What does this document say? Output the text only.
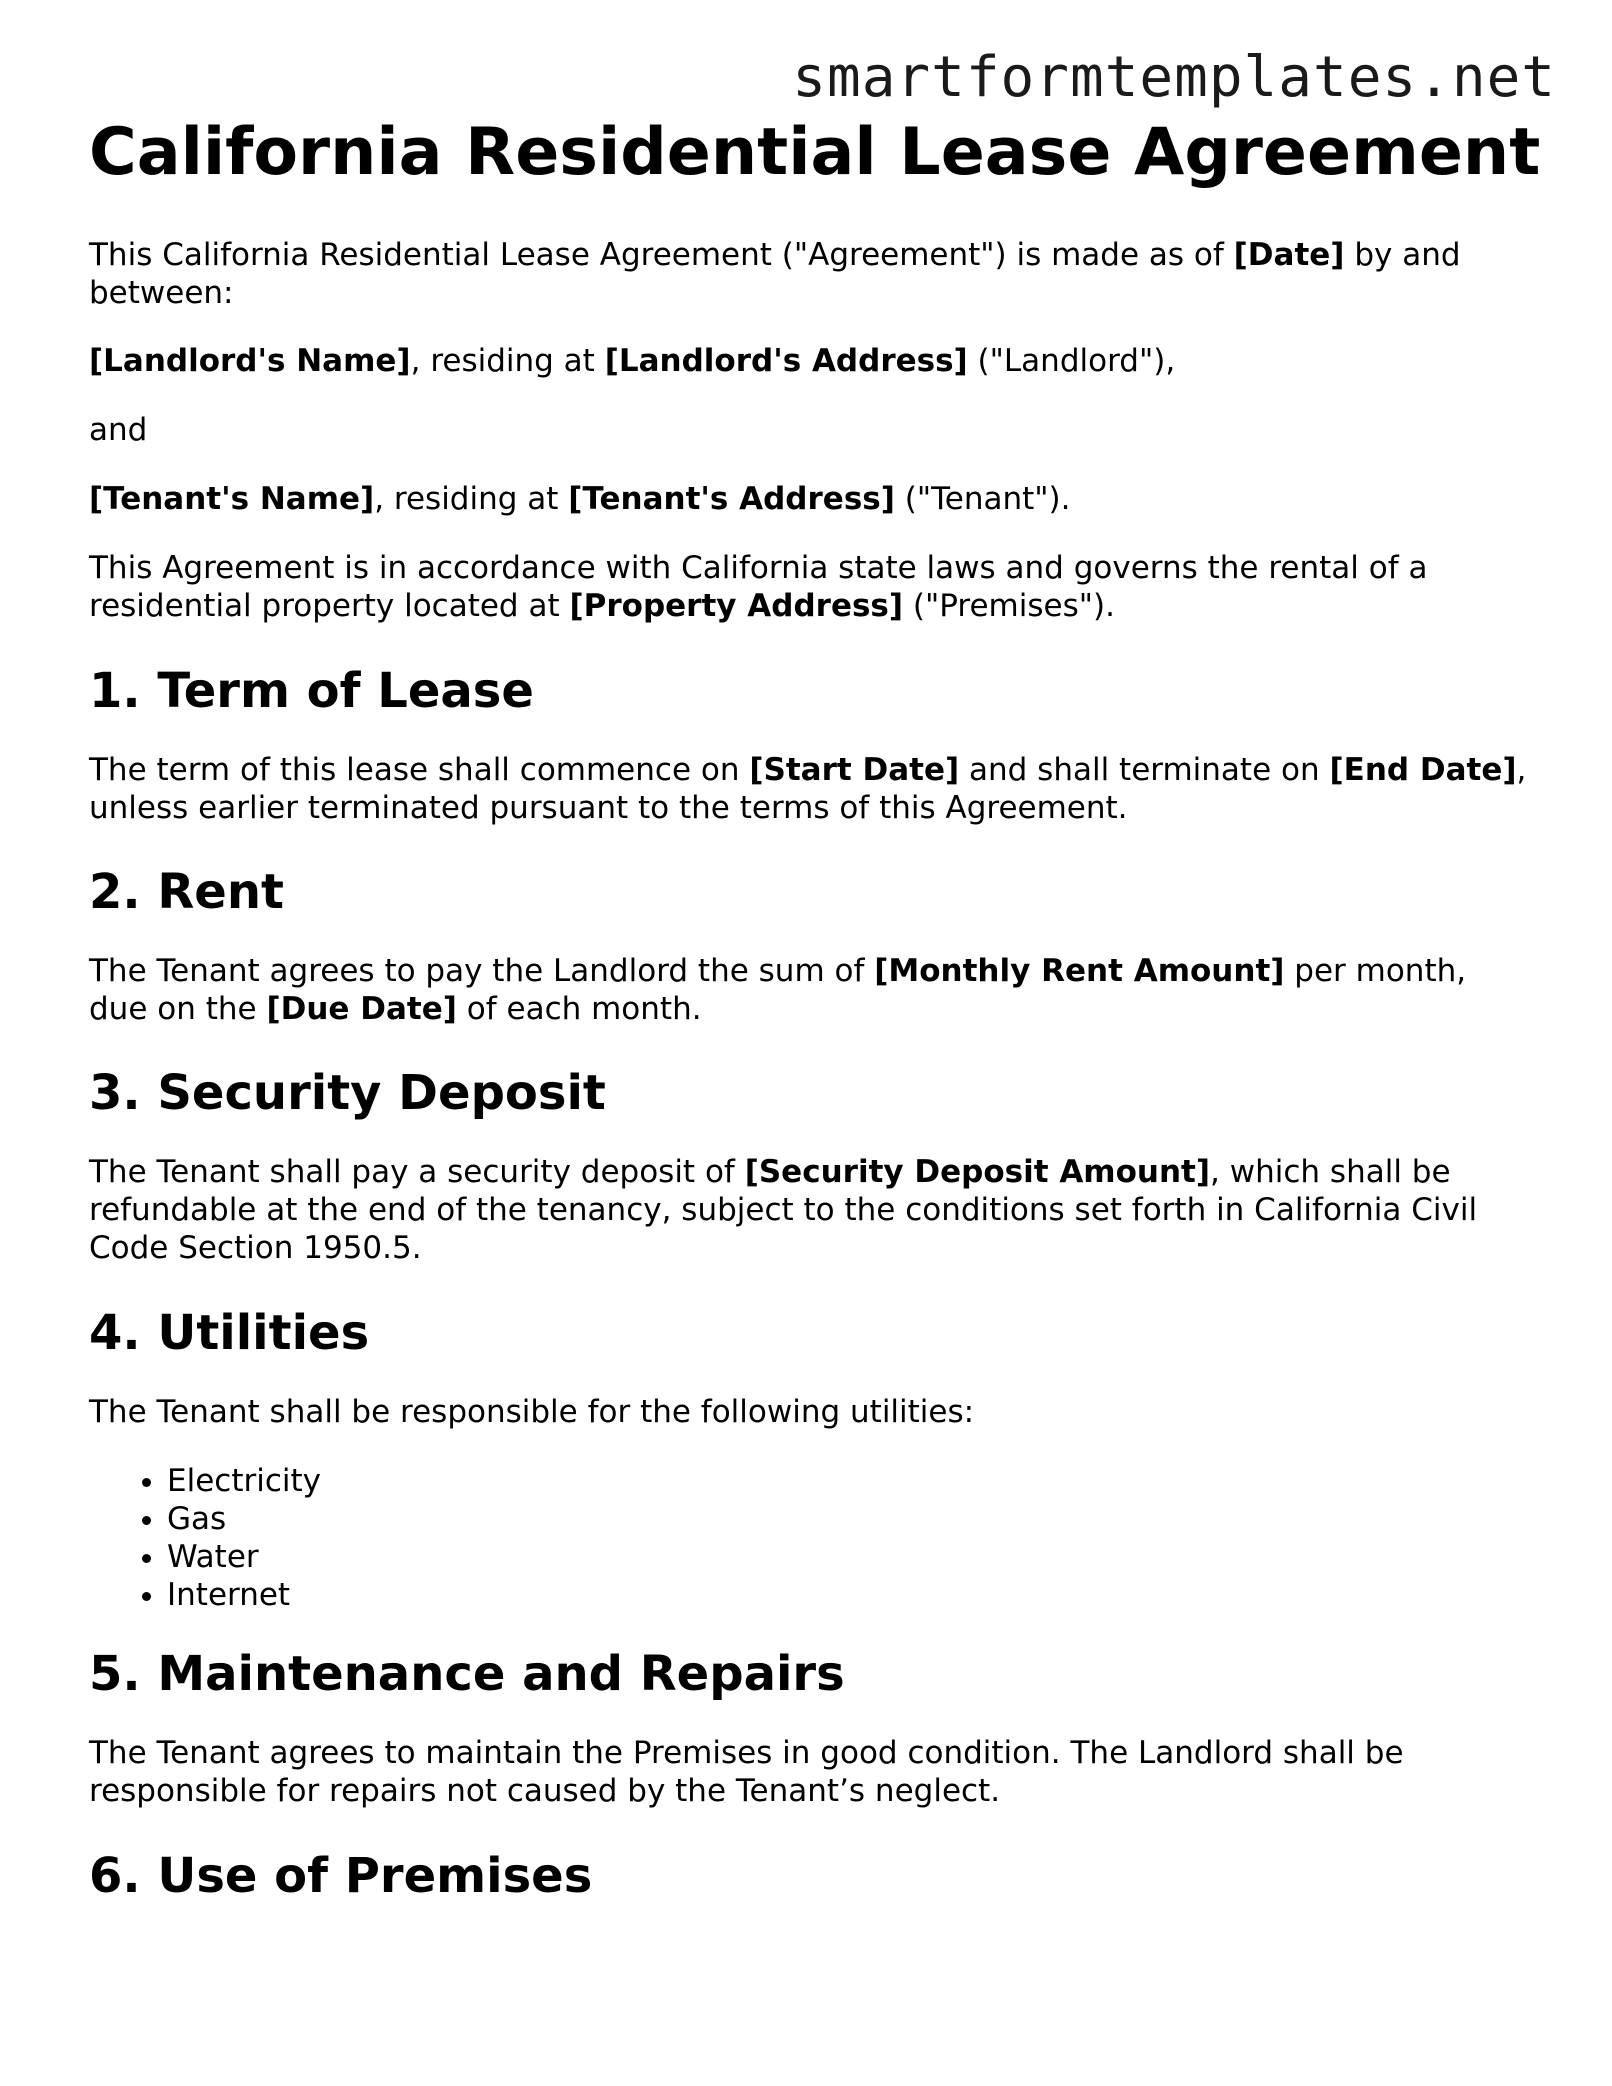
smartformtemplates.net
California Residential Lease Agreement

This California Residential Lease Agreement ("Agreement") is made as of [Date] by and between:

[Landlord's Name], residing at [Landlord's Address] ("Landlord"),

and

[Tenant's Name], residing at [Tenant's Address] ("Tenant").

This Agreement is in accordance with California state laws and governs the rental of a residential property located at [Property Address] ("Premises").

1. Term of Lease

The term of this lease shall commence on [Start Date] and shall terminate on [End Date], unless earlier terminated pursuant to the terms of this Agreement.

2. Rent

The Tenant agrees to pay the Landlord the sum of [Monthly Rent Amount] per month, due on the [Due Date] of each month.

3. Security Deposit

The Tenant shall pay a security deposit of [Security Deposit Amount], which shall be refundable at the end of the tenancy, subject to the conditions set forth in California Civil Code Section 1950.5.

4. Utilities

The Tenant shall be responsible for the following utilities:

• Electricity
• Gas
• Water
• Internet
5. Maintenance and Repairs

The Tenant agrees to maintain the Premises in good condition. The Landlord shall be responsible for repairs not caused by the Tenant’s neglect.

6. Use of Premises
